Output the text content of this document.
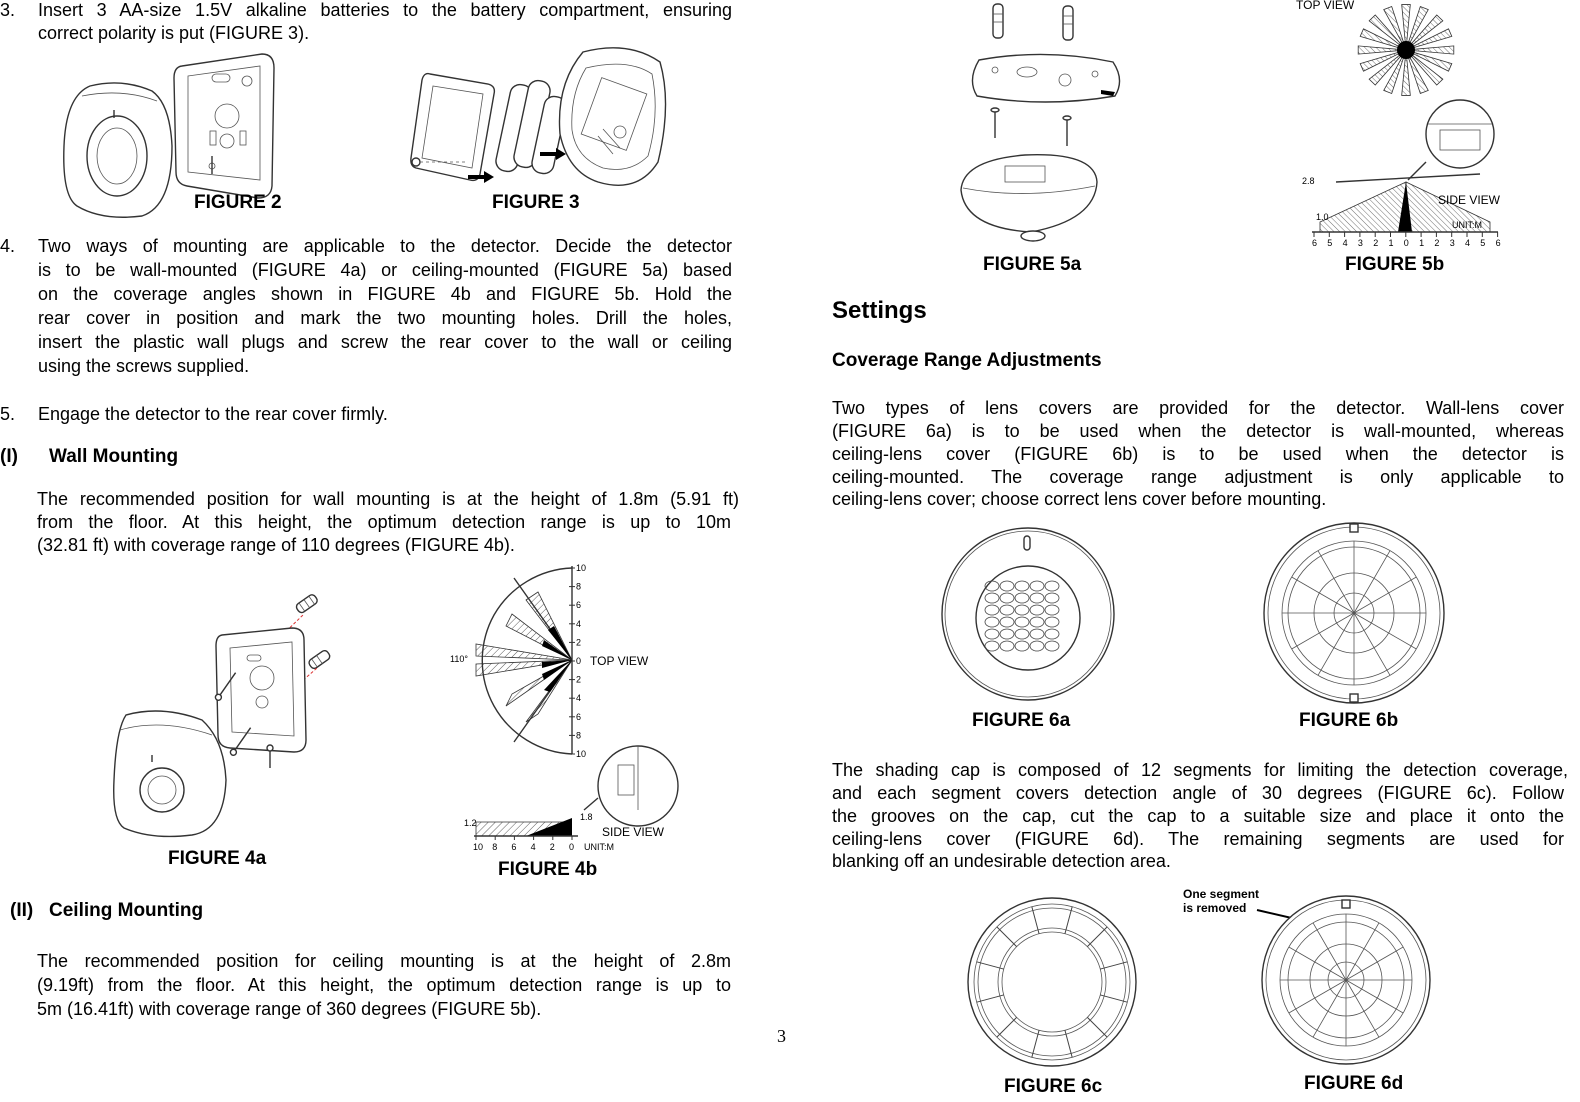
3. Insert 3 AA-size 1.5V alkaline batteries to the battery compartment, ensuring
correct polarity is put (FIGURE 3).
FIGURE 2	FIGURE 3
4. Two ways of mounting are applicable to the detector. Decide the detector
is to be wall-mounted (FIGURE 4a) or ceiling-mounted (FIGURE 5a) based
on the coverage angles shown in FIGURE 4b and FIGURE 5b. Hold the
rear cover in position and mark the two mounting holes. Drill the holes,
insert the plastic wall plugs and screw the rear cover to the wall or ceiling
using the screws supplied.
5. Engage the detector to the rear cover firmly.
(I) Wall Mounting
The recommended position for wall mounting is at the height of 1.8m (5.91 ft)
from the floor. At this height, the optimum detection range is up to 10m
(32.81 ft) with coverage range of 110 degrees (FIGURE 4b).
FIGURE 4a
10
8
6
4
2
0
2
4
6
8
10
110°	TOP VIEW
10 8 6 4 2 0
1.2
1.8
SIDE VIEW
UNIT:M
FIGURE 4b
(II) Ceiling Mounting
The recommended position for ceiling mounting is at the height of 2.8m
(9.19ft) from the floor. At this height, the optimum detection range is up to
5m (16.41ft) with coverage range of 360 degrees (FIGURE 5b).
3
FIGURE 5a
TOP VIEW
6 5 4 3 2 1 0 1 2 3 4 5 6
2.8
1.0
SIDE VIEW
UNIT:M
FIGURE 5b
Settings
Coverage Range Adjustments
Two types of lens covers are provided for the detector. Wall-lens cover
(FIGURE 6a) is to be used when the detector is wall-mounted, whereas
ceiling-lens cover (FIGURE 6b) is to be used when the detector is
ceiling-mounted. The coverage range adjustment is only applicable to
ceiling-lens cover; choose correct lens cover before mounting.
FIGURE 6a	FIGURE 6b
The shading cap is composed of 12 segments for limiting the detection coverage,
and each segment covers detection angle of 30 degrees (FIGURE 6c). Follow
the grooves on the cap, cut the cap to a suitable size and place it onto the
ceiling-lens cover (FIGURE 6d). The remaining segments are used for
blanking off an undesirable detection area.
FIGURE 6c
One segment
is removed
FIGURE 6d
